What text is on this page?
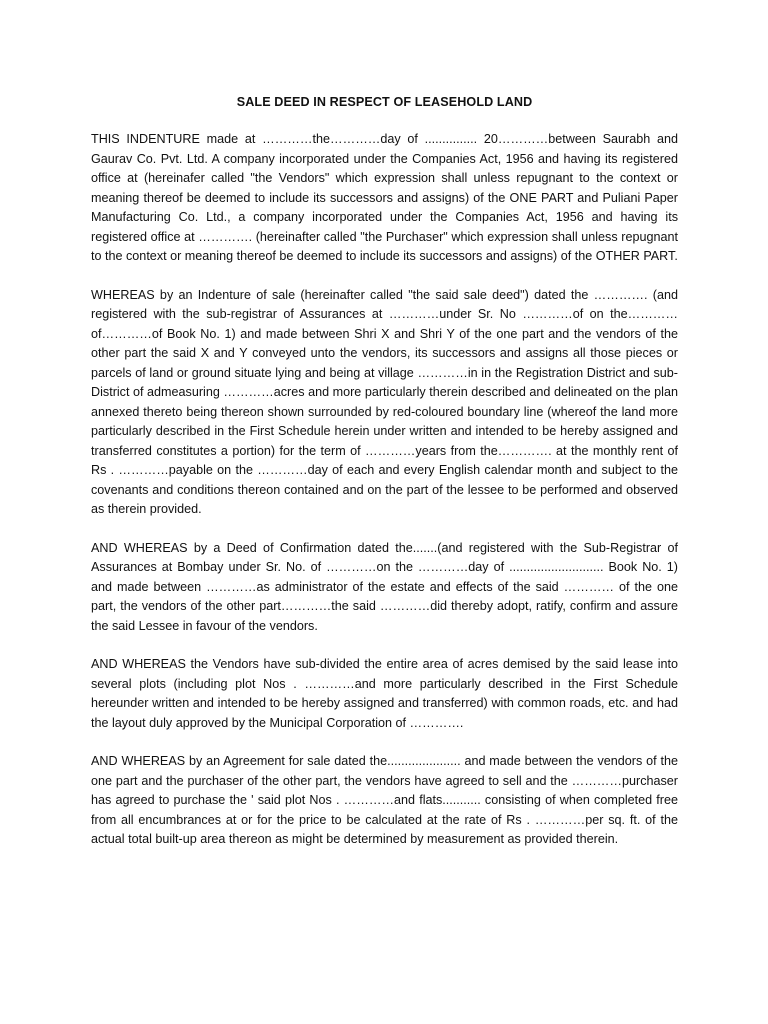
SALE DEED IN RESPECT OF LEASEHOLD LAND

THIS INDENTURE made at …………the…………day of ............... 20…………between Saurabh and Gaurav Co. Pvt. Ltd. A company incorporated under the Companies Act, 1956 and having its registered office at (hereinafer called "the Vendors" which expression shall unless repugnant to the context or meaning thereof be deemed to include its successors and assigns) of the ONE PART and Puliani Paper Manufacturing Co. Ltd., a company incorporated under the Companies Act, 1956 and having its registered office at …………. (hereinafter called "the Purchaser" which expression shall unless repugnant to the context or meaning thereof be deemed to include its successors and assigns) of the OTHER PART.

WHEREAS by an Indenture of sale (hereinafter called "the said sale deed") dated the …………. (and registered with the sub-registrar of Assurances at …………under Sr. No …………of on the…………of…………of Book No. 1) and made between Shri X and Shri Y of the one part and the vendors of the other part the said X and Y conveyed unto the vendors, its successors and assigns all those pieces or parcels of land or ground situate lying and being at village …………in in the Registration District and sub-District of admeasuring …………acres and more particularly therein described and delineated on the plan annexed thereto being thereon shown surrounded by red-coloured boundary line (whereof the land more particularly described in the First Schedule herein under written and intended to be hereby assigned and transferred constitutes a portion) for the term of …………years from the…………. at the monthly rent of Rs . …………payable on the …………day of each and every English calendar month and subject to the covenants and conditions thereon contained and on the part of the lessee to be performed and observed as therein provided.

AND WHEREAS by a Deed of Confirmation dated the.......(and registered with the Sub-Registrar of Assurances at Bombay under Sr. No. of …………on the …………day of ........................... Book No. 1) and made between …………as administrator of the estate and effects of the said ………… of the one part, the vendors of the other part…………the said …………did thereby adopt, ratify, confirm and assure the said Lessee in favour of the vendors.

AND WHEREAS the Vendors have sub-divided the entire area of acres demised by the said lease into several plots (including plot Nos . …………and more particularly described in the First Schedule hereunder written and intended to be hereby assigned and transferred) with common roads, etc. and had the layout duly approved by the Municipal Corporation of ………….

AND WHEREAS by an Agreement for sale dated the..................... and made between the vendors of the one part and the purchaser of the other part, the vendors have agreed to sell and the …………purchaser has agreed to purchase the ' said plot Nos . …………and flats........... consisting of when completed free from all encumbrances at or for the price to be calculated at the rate of Rs . …………per sq. ft. of the actual total built-up area thereon as might be determined by measurement as provided therein.
